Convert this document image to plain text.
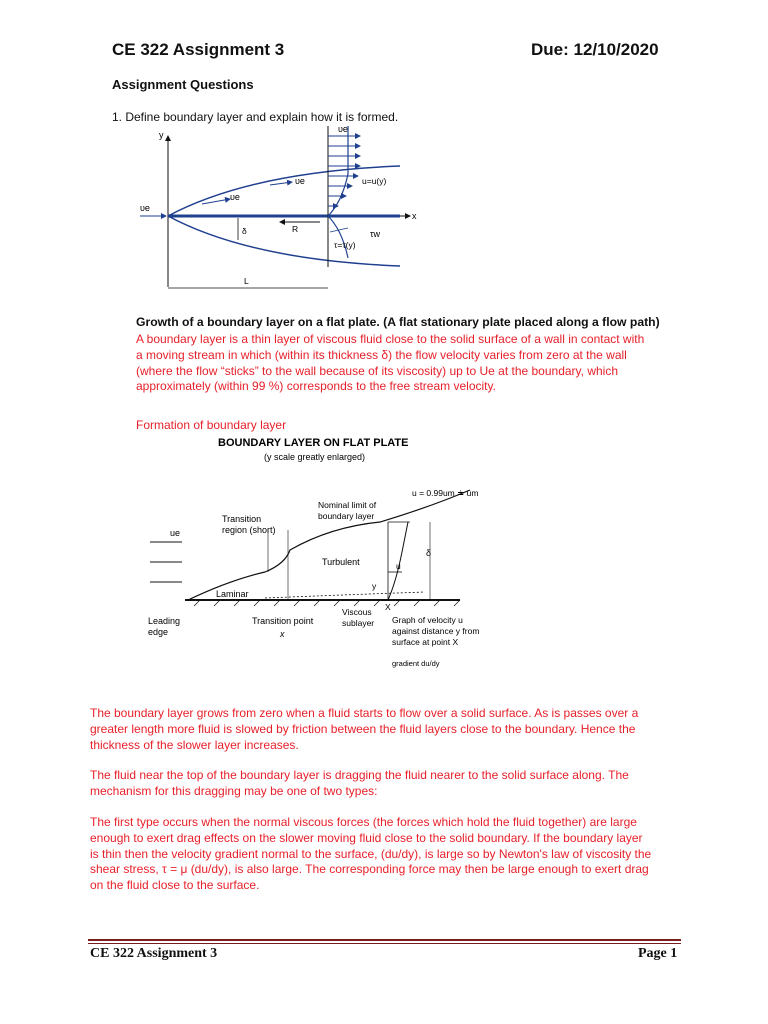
CE 322 Assignment 3	Due: 12/10/2020
Assignment Questions
1. Define boundary layer and explain how it is formed.
y
x
υe
υe
υe
υe
u=u(y)
τw
τ=τ(y)
R
δ
L
Growth of a boundary layer on a flat plate. (A flat stationary plate placed along a flow path)
A boundary layer is a thin layer of viscous fluid close to the solid surface of a wall in contact with
a moving stream in which (within its thickness δ) the flow velocity varies from zero at the wall
(where the flow “sticks” to the wall because of its viscosity) up to Ue at the boundary, which
approximately (within 99 %) corresponds to the free stream velocity.
Formation of boundary layer
BOUNDARY LAYER ON FLAT PLATE
(y scale greatly enlarged)
u = 0.99um ≐ um
Nominal limit of
boundary layer
Transition
region (short)
ue
Turbulent
δ
u
y
Laminar
Leading
edge
Transition point
x
Viscous
sublayer
X
Graph of velocity u
against distance y from
surface at point X
gradient du/dy
The boundary layer grows from zero when a fluid starts to flow over a solid surface. As is passes over a
greater length more fluid is slowed by friction between the fluid layers close to the boundary. Hence the
thickness of the slower layer increases.
The fluid near the top of the boundary layer is dragging the fluid nearer to the solid surface along. The
mechanism for this dragging may be one of two types:
The first type occurs when the normal viscous forces (the forces which hold the fluid together) are large
enough to exert drag effects on the slower moving fluid close to the solid boundary. If the boundary layer
is thin then the velocity gradient normal to the surface, (du/dy), is large so by Newton's law of viscosity the
shear stress, τ = μ (du/dy), is also large. The corresponding force may then be large enough to exert drag
on the fluid close to the surface.
CE 322 Assignment 3	Page 1
